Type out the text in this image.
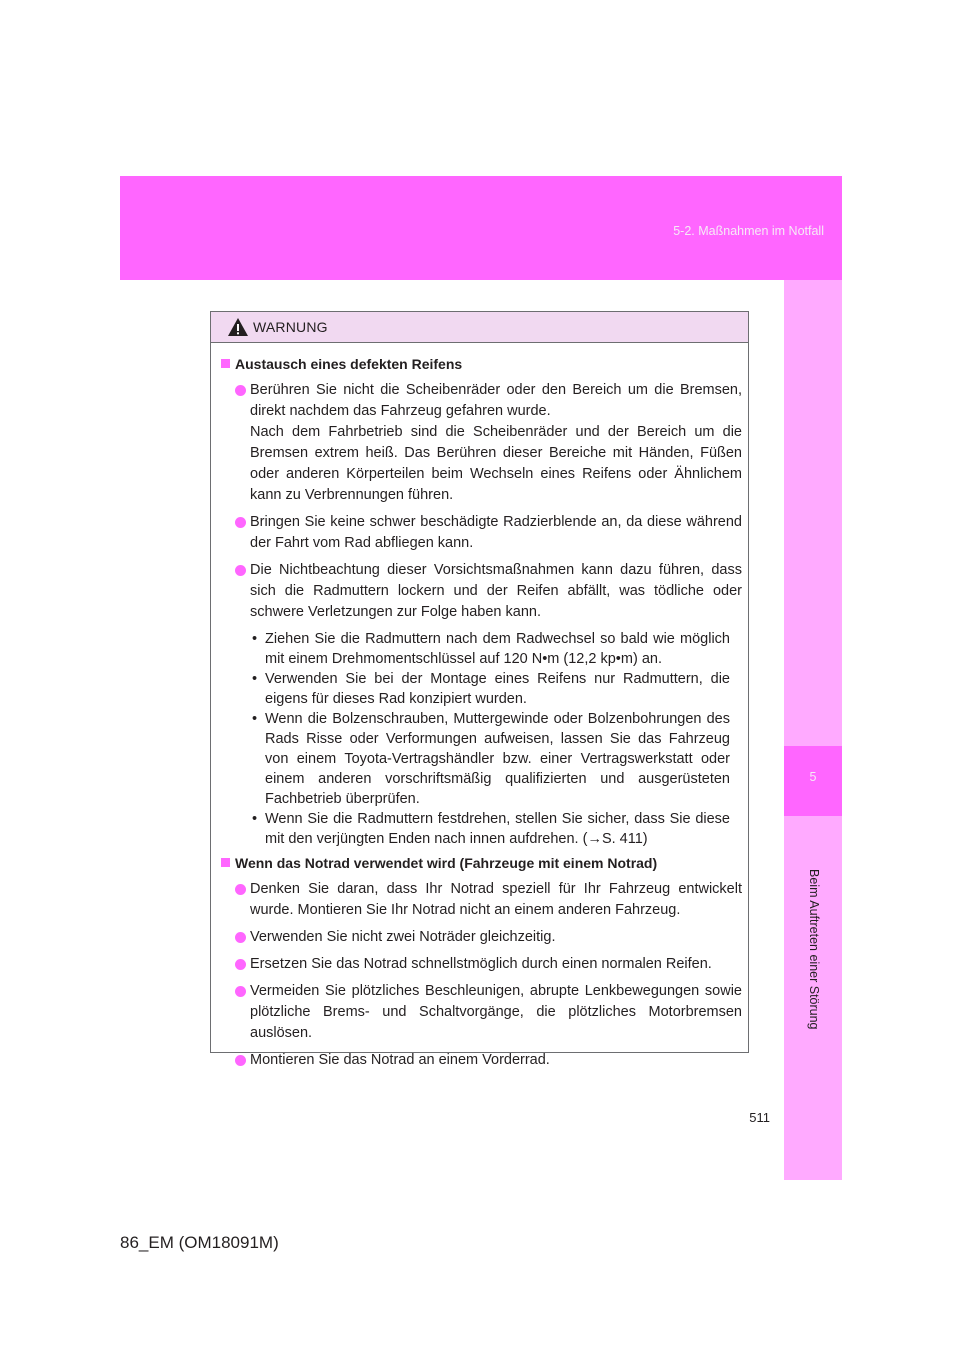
5-2. Maßnahmen im Notfall
5
Beim Auftreten einer Störung
WARNUNG
Austausch eines defekten Reifens

Berühren Sie nicht die Scheibenräder oder den Bereich um die Bremsen, direkt nachdem das Fahrzeug gefahren wurde.

Nach dem Fahrbetrieb sind die Scheibenräder und der Bereich um die Bremsen extrem heiß. Das Berühren dieser Bereiche mit Händen, Füßen oder anderen Körperteilen beim Wechseln eines Reifens oder Ähnlichem kann zu Verbrennungen führen.

Bringen Sie keine schwer beschädigte Radzierblende an, da diese während der Fahrt vom Rad abfliegen kann.

Die Nichtbeachtung dieser Vorsichtsmaßnahmen kann dazu führen, dass sich die Radmuttern lockern und der Reifen abfällt, was tödliche oder schwere Verletzungen zur Folge haben kann.

• Ziehen Sie die Radmuttern nach dem Radwechsel so bald wie möglich mit einem Drehmomentschlüssel auf 120 N•m (12,2 kp•m) an.
• Verwenden Sie bei der Montage eines Reifens nur Radmuttern, die eigens für dieses Rad konzipiert wurden.
• Wenn die Bolzenschrauben, Muttergewinde oder Bolzenbohrungen des Rads Risse oder Verformungen aufweisen, lassen Sie das Fahrzeug von einem Toyota-Vertragshändler bzw. einer Vertragswerkstatt oder einem anderen vorschriftsmäßig qualifizierten und ausgerüsteten Fachbetrieb überprüfen.
• Wenn Sie die Radmuttern festdrehen, stellen Sie sicher, dass Sie diese mit den verjüngten Enden nach innen aufdrehen. (→S. 411)
Wenn das Notrad verwendet wird (Fahrzeuge mit einem Notrad)

Denken Sie daran, dass Ihr Notrad speziell für Ihr Fahrzeug entwickelt wurde. Montieren Sie Ihr Notrad nicht an einem anderen Fahrzeug.

Verwenden Sie nicht zwei Noträder gleichzeitig.

Ersetzen Sie das Notrad schnellstmöglich durch einen normalen Reifen.

Vermeiden Sie plötzliches Beschleunigen, abrupte Lenkbewegungen sowie plötzliche Brems- und Schaltvorgänge, die plötzliches Motorbremsen auslösen.

Montieren Sie das Notrad an einem Vorderrad.

511
86_EM (OM18091M)
